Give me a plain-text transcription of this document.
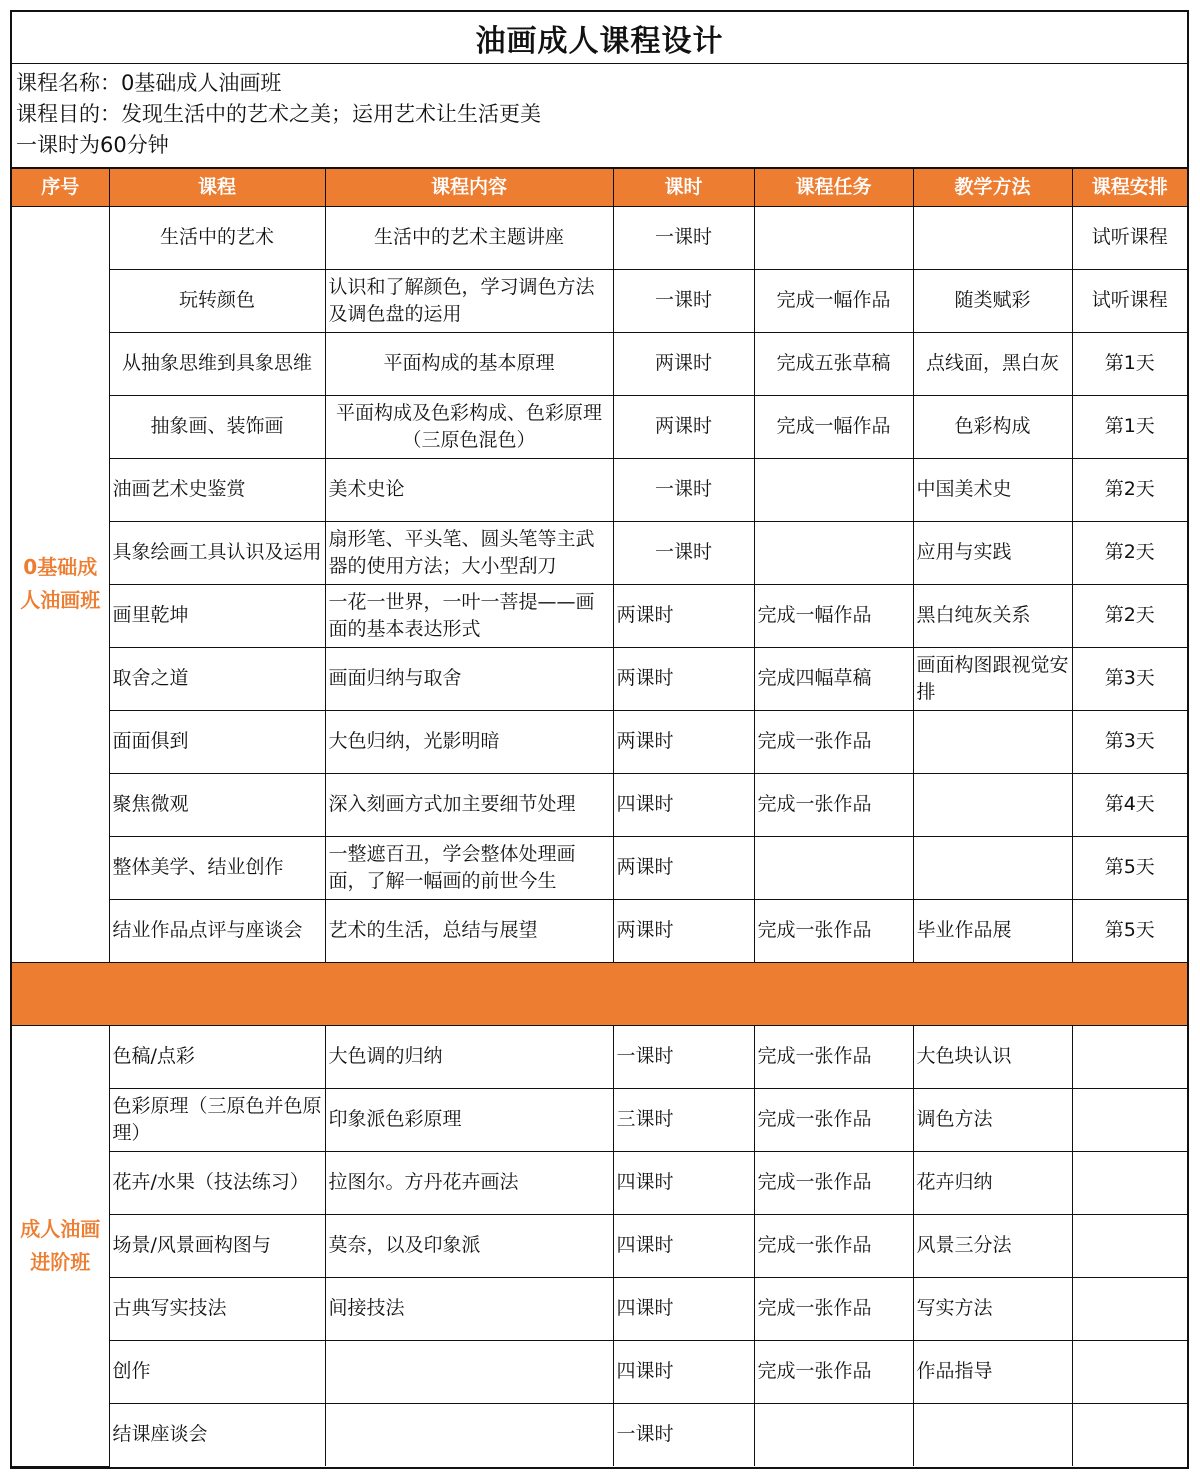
油画成人课程设计
课程名称：0基础成人油画班
课程目的：发现生活中的艺术之美；运用艺术让生活更美
一课时为60分钟
序号	课程	课程内容	课时	课程任务	教学方法	课程安排
0基础成人油画班	生活中的艺术	生活中的艺术主题讲座	一课时			试听课程
	玩转颜色	认识和了解颜色，学习调色方法及调色盘的运用	一课时	完成一幅作品	随类赋彩	试听课程
	从抽象思维到具象思维	平面构成的基本原理	两课时	完成五张草稿	点线面，黑白灰	第1天
	抽象画、装饰画	平面构成及色彩构成、色彩原理（三原色混色）	两课时	完成一幅作品	色彩构成	第1天
	油画艺术史鉴赏	美术史论	一课时		中国美术史	第2天
	具象绘画工具认识及运用	扇形笔、平头笔、圆头笔等主武器的使用方法；大小型刮刀	一课时		应用与实践	第2天
	画里乾坤	一花一世界，一叶一菩提——画面的基本表达形式	两课时	完成一幅作品	黑白纯灰关系	第2天
	取舍之道	画面归纳与取舍	两课时	完成四幅草稿	画面构图跟视觉安排	第3天
	面面俱到	大色归纳，光影明暗	两课时	完成一张作品		第3天
	聚焦微观	深入刻画方式加主要细节处理	四课时	完成一张作品		第4天
	整体美学、结业创作	一整遮百丑，学会整体处理画面，了解一幅画的前世今生	两课时			第5天
	结业作品点评与座谈会	艺术的生活，总结与展望	两课时	完成一张作品	毕业作品展	第5天

成人油画进阶班	色稿/点彩	大色调的归纳	一课时	完成一张作品	大色块认识	
	色彩原理（三原色并色原理）	印象派色彩原理	三课时	完成一张作品	调色方法	
	花卉/水果（技法练习）	拉图尔。方丹花卉画法	四课时	完成一张作品	花卉归纳	
	场景/风景画构图与	莫奈，以及印象派	四课时	完成一张作品	风景三分法	
	古典写实技法	间接技法	四课时	完成一张作品	写实方法	
	创作		四课时	完成一张作品	作品指导	
	结课座谈会		一课时			
